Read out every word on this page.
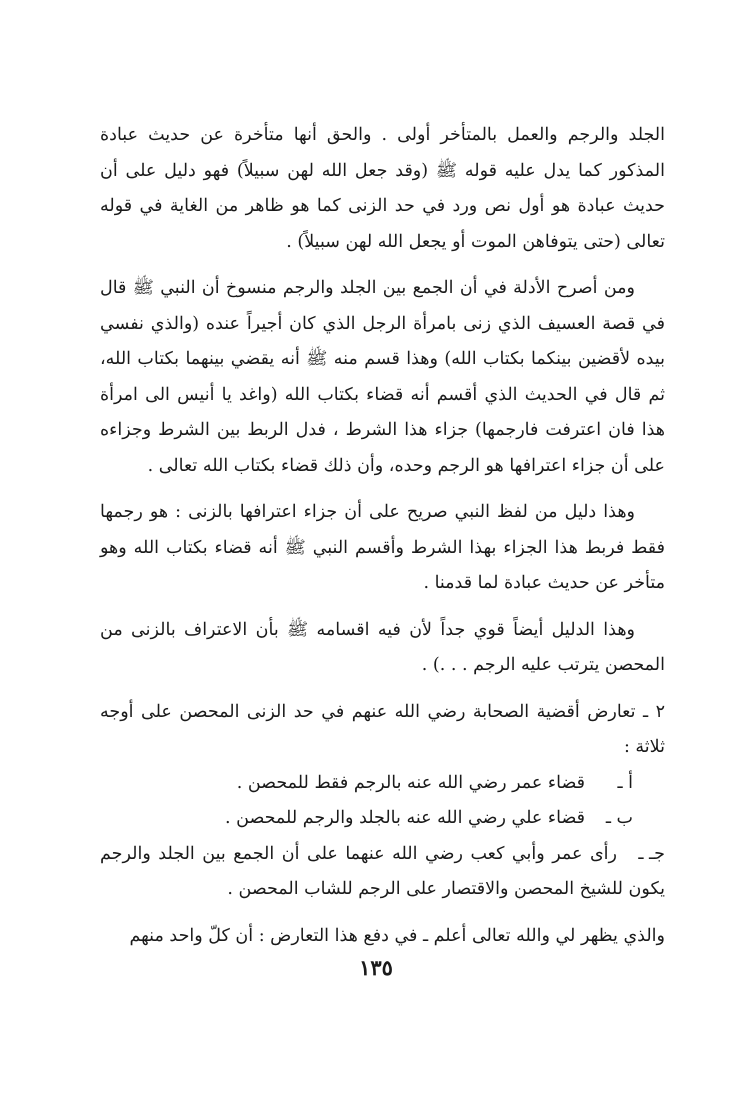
الجلد والرجم والعمل بالمتأخر أولى . والحق أنها متأخرة عن حديث عبادة المذكور كما يدل عليه قوله ﷺ (وقد جعل الله لهن سبيلاً) فهو دليل على أن حديث عبادة هو أول نص ورد في حد الزنى كما هو ظاهر من الغاية في قوله تعالى (حتى يتوفاهن الموت أو يجعل الله لهن سبيلاً) .

ومن أصرح الأدلة في أن الجمع بين الجلد والرجم منسوخ أن النبي ﷺ قال في قصة العسيف الذي زنى بامرأة الرجل الذي كان أجيراً عنده (والذي نفسي بيده لأقضين بينكما بكتاب الله) وهذا قسم منه ﷺ أنه يقضي بينهما بكتاب الله، ثم قال في الحديث الذي أقسم أنه قضاء بكتاب الله (واغد يا أنيس الى امرأة هذا فان اعترفت فارجمها) جزاء هذا الشرط ، فدل الربط بين الشرط وجزاءه على أن جزاء اعترافها هو الرجم وحده، وأن ذلك قضاء بكتاب الله تعالى .

وهذا دليل من لفظ النبي صريح على أن جزاء اعترافها بالزنى : هو رجمها فقط فربط هذا الجزاء بهذا الشرط وأقسم النبي ﷺ أنه قضاء بكتاب الله وهو متأخر عن حديث عبادة لما قدمنا .

وهذا الدليل أيضاً قوي جداً لأن فيه اقسامه ﷺ بأن الاعتراف بالزنى من المحصن يترتب عليه الرجم . . .) .

٢ ـ تعارض أقضية الصحابة رضي الله عنهم في حد الزنى المحصن على أوجه ثلاثة :

أ ـقضاء عمر رضي الله عنه بالرجم فقط للمحصن .

ب ـقضاء علي رضي الله عنه بالجلد والرجم للمحصن .

جـ ـرأى عمر وأبي كعب رضي الله عنهما على أن الجمع بين الجلد والرجم يكون للشيخ المحصن والاقتصار على الرجم للشاب المحصن .

والذي يظهر لي والله تعالى أعلم ـ في دفع هذا التعارض : أن كلّ واحد منهم

١٣٥
